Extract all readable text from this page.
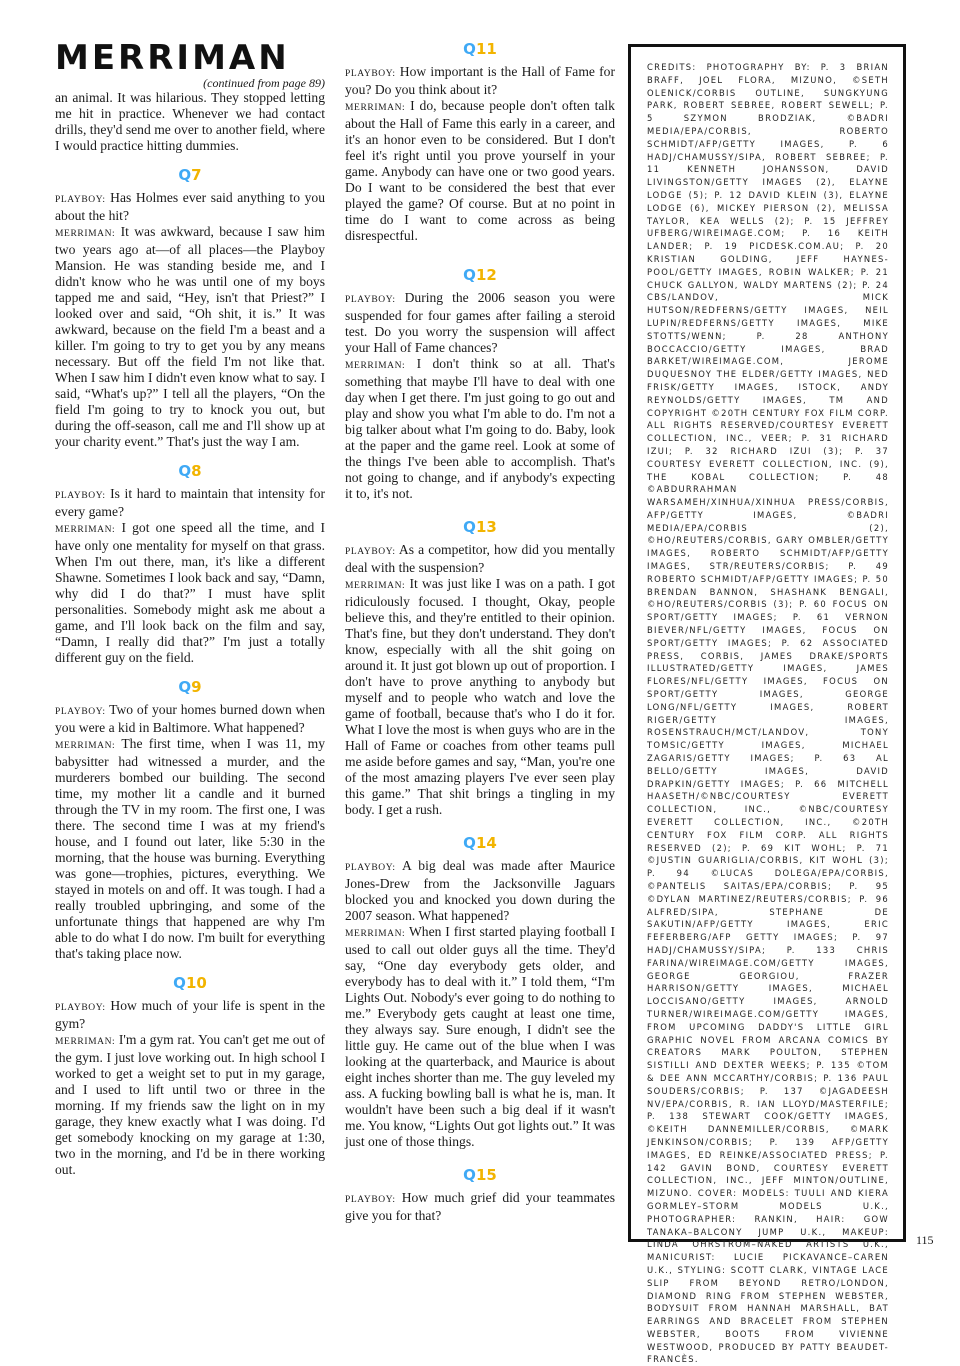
MERRIMAN

(continued from page 89)

an animal. It was hilarious. They stopped letting me hit in practice. Whenever we had contact drills, they'd send me over to another field, where I would practice hitting dummies.

Q7

PLAYBOY: Has Holmes ever said anything to you about the hit?

MERRIMAN: It was awkward, because I saw him two years ago at—of all places—the Playboy Mansion. He was standing beside me, and I didn't know who he was until one of my boys tapped me and said, “Hey, isn't that Priest?” I looked over and said, “Oh shit, it is.” It was awkward, because on the field I'm a beast and a killer. I'm going to try to get you by any means necessary. But off the field I'm not like that. When I saw him I didn't even know what to say. I said, “What's up?” I tell all the players, “On the field I'm going to try to knock you out, but during the off-season, call me and I'll show up at your charity event.” That's just the way I am.

Q8

PLAYBOY: Is it hard to maintain that intensity for every game?

MERRIMAN: I got one speed all the time, and I have only one mentality for myself on that grass. When I'm out there, man, it's like a different Shawne. Sometimes I look back and say, “Damn, why did I do that?” I must have split personalities. Somebody might ask me about a game, and I'll look back on the film and say, “Damn, I really did that?” I'm just a totally different guy on the field.

Q9

PLAYBOY: Two of your homes burned down when you were a kid in Baltimore. What happened?

MERRIMAN: The first time, when I was 11, my babysitter had witnessed a murder, and the murderers bombed our building. The second time, my mother lit a candle and it burned through the TV in my room. The first one, I was there. The second time I was at my friend's house, and I found out later, like 5:30 in the morning, that the house was burning. Everything was gone—trophies, pictures, everything. We stayed in motels on and off. It was tough. I had a really troubled upbringing, and some of the unfortunate things that happened are why I'm able to do what I do now. I'm built for everything that's taking place now.

Q10

PLAYBOY: How much of your life is spent in the gym?

MERRIMAN: I'm a gym rat. You can't get me out of the gym. I just love working out. In high school I worked to get a weight set to put in my garage, and I used to lift until two or three in the morning. If my friends saw the light on in my garage, they knew exactly what I was doing. I'd get somebody knocking on my garage at 1:30, two in the morning, and I'd be in there working out.

Q11

PLAYBOY: How important is the Hall of Fame for you? Do you think about it?

MERRIMAN: I do, because people don't often talk about the Hall of Fame this early in a career, and it's an honor even to be considered. But I don't feel it's right until you prove yourself in your game. Anybody can have one or two good years. Do I want to be considered the best that ever played the game? Of course. But at no point in time do I want to come across as being disrespectful.

Q12

PLAYBOY: During the 2006 season you were suspended for four games after failing a steroid test. Do you worry the suspension will affect your Hall of Fame chances?

MERRIMAN: I don't think so at all. That's something that maybe I'll have to deal with one day when I get there. I'm just going to go out and play and show you what I'm able to do. I'm not a big talker about what I'm going to do. Baby, look at the paper and the game reel. Look at some of the things I've been able to accomplish. That's not going to change, and if anybody's expecting it to, it's not.

Q13

PLAYBOY: As a competitor, how did you mentally deal with the suspension?

MERRIMAN: It was just like I was on a path. I got ridiculously focused. I thought, Okay, people believe this, and they're entitled to their opinion. That's fine, but they don't understand. They don't know, especially with all the shit going on around it. It just got blown up out of proportion. I don't have to prove anything to anybody but myself and to people who watch and love the game of football, because that's who I do it for. What I love the most is when guys who are in the Hall of Fame or coaches from other teams pull me aside before games and say, “Man, you're one of the most amazing players I've ever seen play this game.” That shit brings a tingling in my body. I get a rush.

Q14

PLAYBOY: A big deal was made after Maurice Jones-Drew from the Jacksonville Jaguars blocked you and knocked you down during the 2007 season. What happened?

MERRIMAN: When I first started playing football I used to call out older guys all the time. They'd say, “One day everybody gets older, and everybody has to deal with it.” I told them, “I'm Lights Out. Nobody's ever going to do nothing to me.” Everybody gets caught at least one time, they always say. Sure enough, I didn't see the little guy. He came out of the blue when I was looking at the quarterback, and Maurice is about eight inches shorter than me. The guy leveled my ass. A fucking bowling ball is what he is, man. It wouldn't have been such a big deal if it wasn't me. You know, “Lights Out got lights out.” It was just one of those things.

Q15

PLAYBOY: How much grief did your teammates give you for that?

CREDITS: PHOTOGRAPHY BY: P. 3 BRIAN BRAFF, JOEL FLORA, MIZUNO, ©SETH OLENICK/CORBIS OUTLINE, SUNGKYUNG PARK, ROBERT SEBREE, ROBERT SEWELL; P. 5 SZYMON BRODZIAK, ©BADRI MEDIA/EPA/CORBIS, ROBERTO SCHMIDT/AFP/GETTY IMAGES, P. 6 HADJ/CHAMUSSY/SIPA, ROBERT SEBREE; P. 11 KENNETH JOHANSSON, DAVID LIVINGSTON/GETTY IMAGES (2), ELAYNE LODGE (5); P. 12 DAVID KLEIN (3), ELAYNE LODGE (6), MICKEY PIERSON (2), MELISSA TAYLOR, KEA WELLS (2); P. 15 JEFFREY UFBERG/WIREIMAGE.COM; P. 16 KEITH LANDER; P. 19 PICDESK.COM.AU; P. 20 KRISTIAN GOLDING, JEFF HAYNES-POOL/GETTY IMAGES, ROBIN WALKER; P. 21 CHUCK GALLYON, WALDY MARTENS (2); P. 24 CBS/LANDOV, MICK HUTSON/REDFERNS/GETTY IMAGES, NEIL LUPIN/REDFERNS/GETTY IMAGES, MIKE STOTTS/WENN; P. 28 ANTHONY BOCCACCIO/GETTY IMAGES, BRAD BARKET/WIREIMAGE.COM, JEROME DUQUESNOY THE ELDER/GETTY IMAGES, NED FRISK/GETTY IMAGES, ISTOCK, ANDY REYNOLDS/GETTY IMAGES, TM AND COPYRIGHT ©20TH CENTURY FOX FILM CORP. ALL RIGHTS RESERVED/COURTESY EVERETT COLLECTION, INC., VEER; P. 31 RICHARD IZUI; P. 32 RICHARD IZUI (3); P. 37 COURTESY EVERETT COLLECTION, INC. (9), THE KOBAL COLLECTION; P. 48 ©ABDURRAHMAN WARSAMEH/XINHUA/XINHUA PRESS/CORBIS, AFP/GETTY IMAGES, ©BADRI MEDIA/EPA/CORBIS (2), ©HO/REUTERS/CORBIS, GARY OMBLER/GETTY IMAGES, ROBERTO SCHMIDT/AFP/GETTY IMAGES, STR/REUTERS/CORBIS; P. 49 ROBERTO SCHMIDT/AFP/GETTY IMAGES; P. 50 BRENDAN BANNON, SHASHANK BENGALI, ©HO/REUTERS/CORBIS (3); P. 60 FOCUS ON SPORT/GETTY IMAGES; P. 61 VERNON BIEVER/NFL/GETTY IMAGES, FOCUS ON SPORT/GETTY IMAGES; P. 62 ASSOCIATED PRESS, CORBIS, JAMES DRAKE/SPORTS ILLUSTRATED/GETTY IMAGES, JAMES FLORES/NFL/GETTY IMAGES, FOCUS ON SPORT/GETTY IMAGES, GEORGE LONG/NFL/GETTY IMAGES, ROBERT RIGER/GETTY IMAGES, ROSENSTRAUCH/MCT/LANDOV, TONY TOMSIC/GETTY IMAGES, MICHAEL ZAGARIS/GETTY IMAGES; P. 63 AL BELLO/GETTY IMAGES, DAVID DRAPKIN/GETTY IMAGES; P. 66 MITCHELL HAASETH/©NBC/COURTESY EVERETT COLLECTION, INC., ©NBC/COURTESY EVERETT COLLECTION, INC., ©20TH CENTURY FOX FILM CORP. ALL RIGHTS RESERVED (2); P. 69 KIT WOHL; P. 71 ©JUSTIN GUARIGLIA/CORBIS, KIT WOHL (3); P. 94 ©LUCAS DOLEGA/EPA/CORBIS, ©PANTELIS SAITAS/EPA/CORBIS; P. 95 ©DYLAN MARTINEZ/REUTERS/CORBIS; P. 96 ALFRED/SIPA, STEPHANE DE SAKUTIN/AFP/GETTY IMAGES, ERIC FEFERBERG/AFP GETTY IMAGES; P. 97 HADJ/CHAMUSSY/SIPA; P. 133 CHRIS FARINA/WIREIMAGE.COM/GETTY IMAGES, GEORGE GEORGIOU, FRAZER HARRISON/GETTY IMAGES, MICHAEL LOCCISANO/GETTY IMAGES, ARNOLD TURNER/WIREIMAGE.COM/GETTY IMAGES, FROM UPCOMING DADDY'S LITTLE GIRL GRAPHIC NOVEL FROM ARCANA COMICS BY CREATORS MARK POULTON, STEPHEN SISTILLI AND DEXTER WEEKS; P. 135 ©TOM & DEE ANN MCCARTHY/CORBIS; P. 136 PAUL SOUDERS/CORBIS; P. 137 ©JAGADEESH NV/EPA/CORBIS, R. IAN LLOYD/MASTERFILE; P. 138 STEWART COOK/GETTY IMAGES, ©KEITH DANNEMILLER/CORBIS, ©MARK JENKINSON/CORBIS; P. 139 AFP/GETTY IMAGES, ED REINKE/ASSOCIATED PRESS; P. 142 GAVIN BOND, COURTESY EVERETT COLLECTION, INC., JEFF MINTON/OUTLINE, MIZUNO. COVER: MODELS: TUULI AND KIERA GORMLEY–STORM MODELS U.K., PHOTOGRAPHER: RANKIN, HAIR: GOW TANAKA–BALCONY JUMP U.K., MAKEUP: LINDA OHRSTROM–NAKED ARTISTS U.K., MANICURIST: LUCIE PICKAVANCE–CAREN U.K., STYLING: SCOTT CLARK, VINTAGE LACE SLIP FROM BEYOND RETRO/LONDON, DIAMOND RING FROM STEPHEN WEBSTER, BODYSUIT FROM HANNAH MARSHALL, BAT EARRINGS AND BRACELET FROM STEPHEN WEBSTER, BOOTS FROM VIVIENNE WESTWOOD, PRODUCED BY PATTY BEAUDET-FRANCÈS.
115
